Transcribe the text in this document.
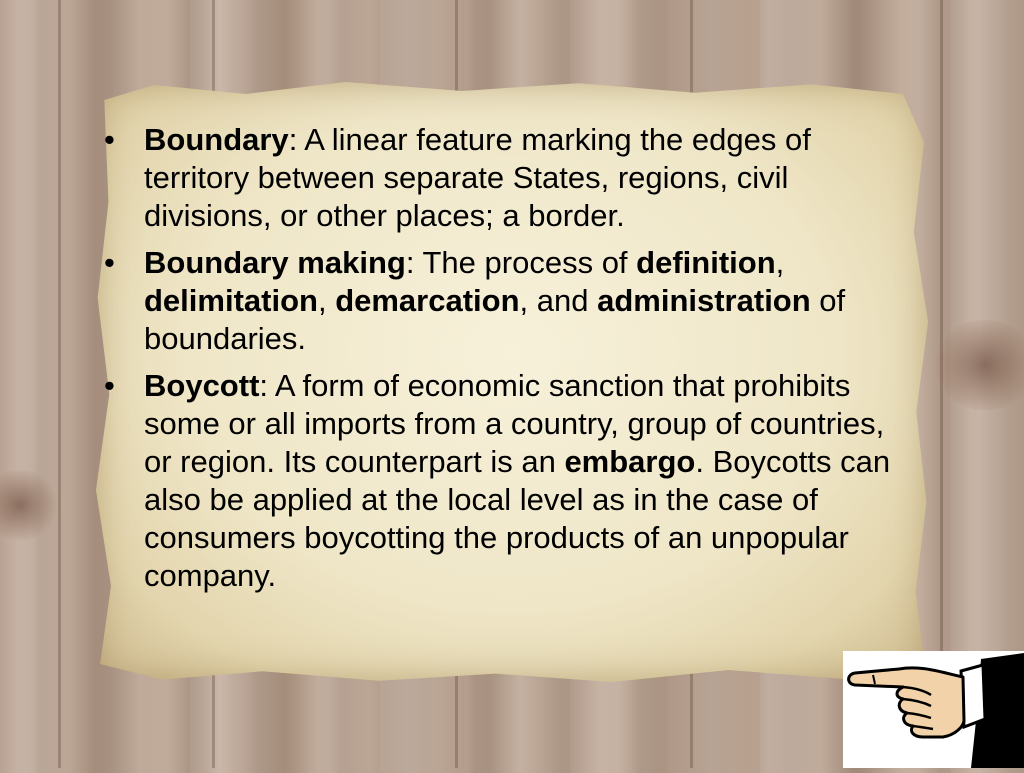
• Boundary: A linear feature marking the edges of territory between separate States, regions, civil divisions, or other places; a border.
• Boundary making: The process of definition, delimitation, demarcation, and administration of boundaries.
• Boycott: A form of economic sanction that prohibits some or all imports from a country, group of countries, or region. Its counterpart is an embargo. Boycotts can also be applied at the local level as in the case of consumers boycotting the products of an unpopular company.
